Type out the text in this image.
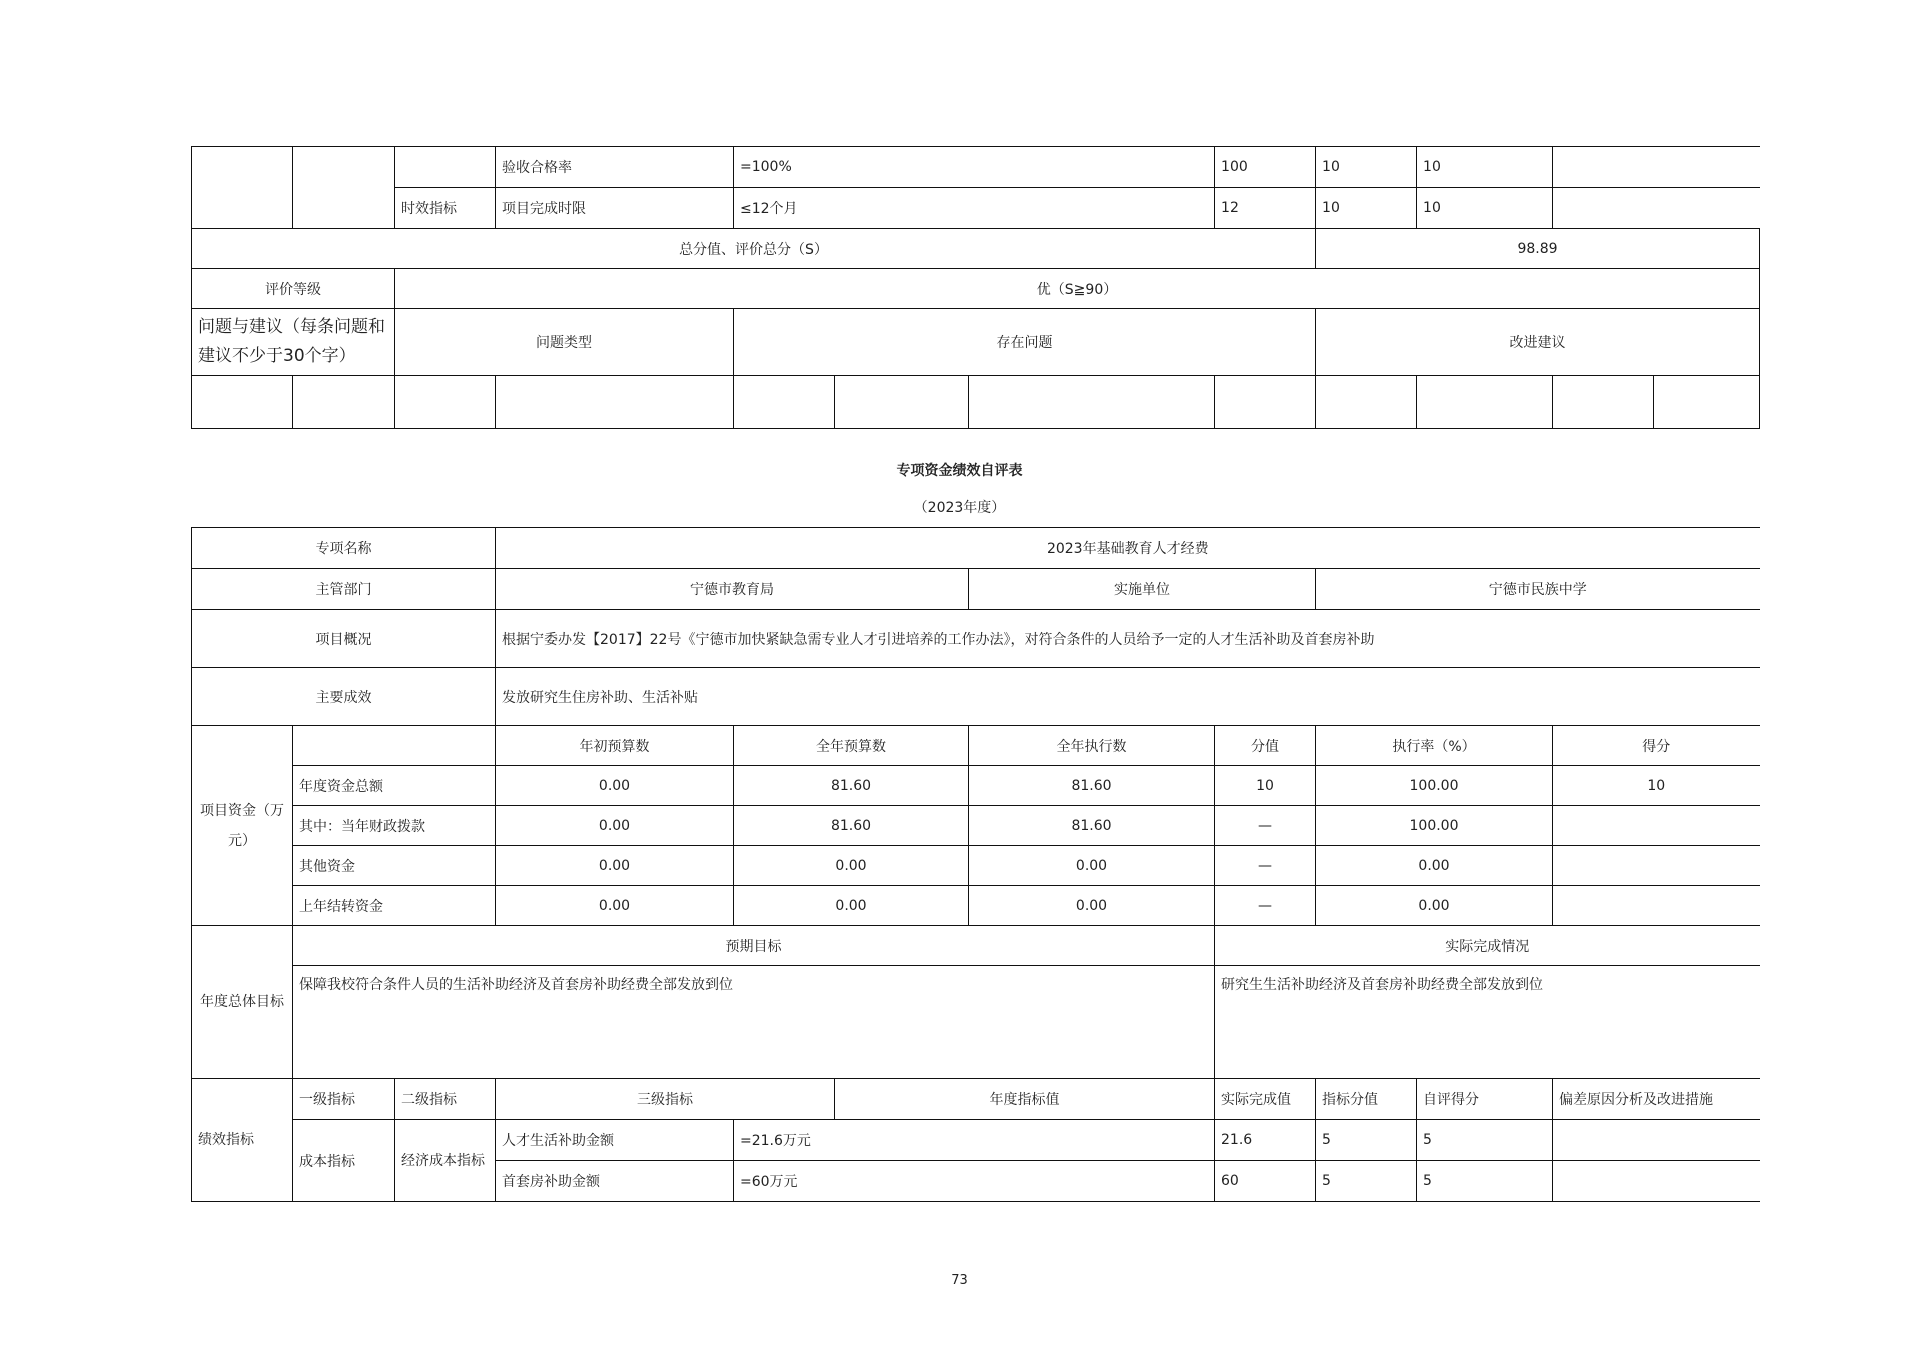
			验收合格率	=100%			100	10	10		
		时效指标	项目完成时限	≤12个月			12	10	10		
总分值、评价总分（S）								98.89			
评价等级		优（S≧90）									
问题与建议（每条问题和建议不少于30个字）		问题类型		存在问题				改进建议			

专项资金绩效自评表
（2023年度）
专项名称			2023年基础教育人才经费							
主管部门			宁德市教育局			实施单位		宁德市民族中学		
项目概况			根据宁委办发【2017】22号《宁德市加快紧缺急需专业人才引进培养的工作办法》，对符合条件的人员给予一定的人才生活补助及首套房补助							
主要成效			发放研究生住房补助、生活补贴							
项目资金（万元）			年初预算数	全年预算数		全年执行数	分值	执行率（%）		得分
	年度资金总额		0.00	81.60		81.60	10	100.00		10
	其中：当年财政拨款		0.00	81.60		81.60	—	100.00		
	其他资金		0.00	0.00		0.00	—	0.00		
	上年结转资金		0.00	0.00		0.00	—	0.00		
年度总体目标	预期目标						实际完成情况			
	保障我校符合条件人员的生活补助经济及首套房补助经费全部发放到位						研究生生活补助经济及首套房补助经费全部发放到位			
绩效指标	一级指标	二级指标	三级指标		年度指标值		实际完成值	指标分值	自评得分	偏差原因分析及改进措施
	成本指标	经济成本指标	人才生活补助金额	=21.6万元			21.6	5	5	
			首套房补助金额	=60万元			60	5	5	
73
